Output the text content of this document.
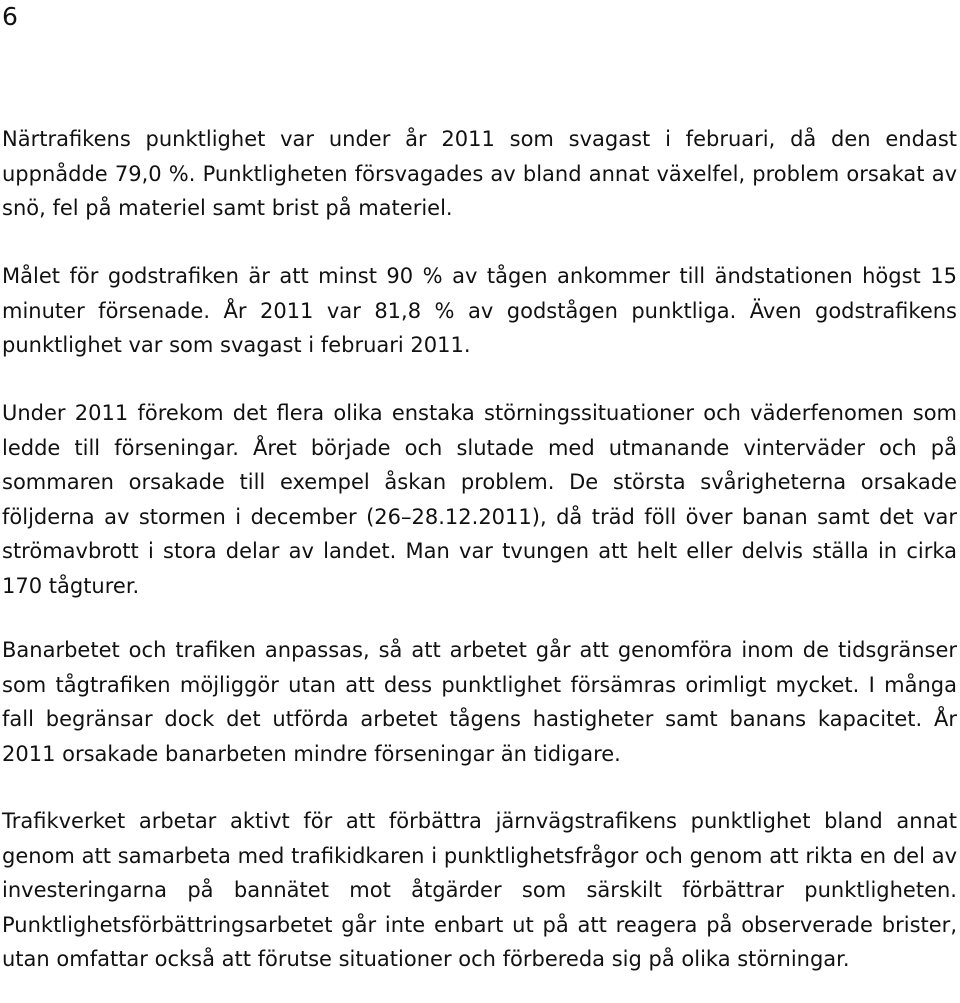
6

Närtrafikens punktlighet var under år 2011 som svagast i februari, då den endast uppnådde 79,0 %. Punktligheten försvagades av bland annat växelfel, problem orsakat av snö, fel på materiel samt brist på materiel.

Målet för godstrafiken är att minst 90 % av tågen ankommer till ändstationen högst 15 minuter försenade. År 2011 var 81,8 % av godstågen punktliga. Även godstrafikens punktlighet var som svagast i februari 2011.

Under 2011 förekom det flera olika enstaka störningssituationer och väderfenomen som ledde till förseningar. Året började och slutade med utmanande vinterväder och på sommaren orsakade till exempel åskan problem. De största svårigheterna orsakade följderna av stormen i december (26–28.12.2011), då träd föll över banan samt det var strömavbrott i stora delar av landet. Man var tvungen att helt eller delvis ställa in cirka 170 tågturer.

Banarbetet och trafiken anpassas, så att arbetet går att genomföra inom de tidsgränser som tågtrafiken möjliggör utan att dess punktlighet försämras orimligt mycket. I många fall begränsar dock det utförda arbetet tågens hastigheter samt banans kapacitet. År 2011 orsakade banarbeten mindre förseningar än tidigare.

Trafikverket arbetar aktivt för att förbättra järnvägstrafikens punktlighet bland annat genom att samarbeta med trafikidkaren i punktlighetsfrågor och genom att rikta en del av investeringarna på bannätet mot åtgärder som särskilt förbättrar punktligheten. Punktlighetsförbättringsarbetet går inte enbart ut på att reagera på observerade brister, utan omfattar också att förutse situationer och förbereda sig på olika störningar.
